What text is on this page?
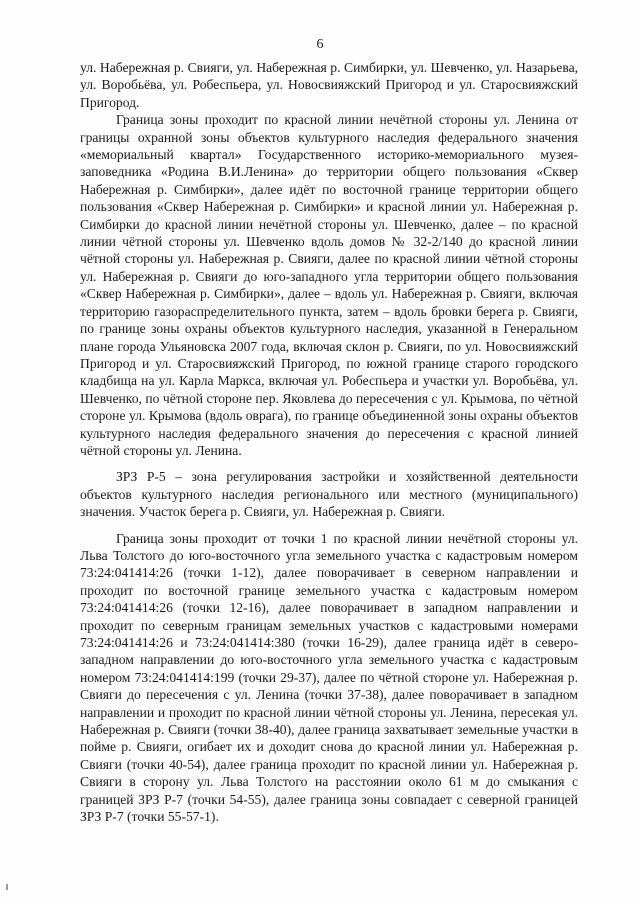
6

ул. Набережная р. Свияги, ул. Набережная р. Симбирки, ул. Шевченко, ул. Назарьева, ул. Воробьёва, ул. Робеспьера, ул. Новосвияжский Пригород и ул. Старосвияжский Пригород.

Граница зоны проходит по красной линии нечётной стороны ул. Ленина от границы охранной зоны объектов культурного наследия федерального значения «мемориальный квартал» Государственного историко-мемориального музея-заповедника «Родина В.И.Ленина» до территории общего пользования «Сквер Набережная р. Симбирки», далее идёт по восточной границе территории общего пользования «Сквер Набережная р. Симбирки» и красной линии ул. Набережная р. Симбирки до красной линии нечётной стороны ул. Шевченко, далее – по красной линии чётной стороны ул. Шевченко вдоль домов № 32-2/140 до красной линии чётной стороны ул. Набережная р. Свияги, далее по красной линии чётной стороны ул. Набережная р. Свияги до юго-западного угла территории общего пользования «Сквер Набережная р. Симбирки», далее – вдоль ул. Набережная р. Свияги, включая территорию газораспределительного пункта, затем – вдоль бровки берега р. Свияги, по границе зоны охраны объектов культурного наследия, указанной в Генеральном плане города Ульяновска 2007 года, включая склон р. Свияги, по ул. Новосвияжский Пригород и ул. Старосвияжский Пригород, по южной границе старого городского кладбища на ул. Карла Маркса, включая ул. Робеспьера и участки ул. Воробьёва, ул. Шевченко, по чётной стороне пер. Яковлева до пересечения с ул. Крымова, по чётной стороне ул. Крымова (вдоль оврага), по границе объединенной зоны охраны объектов культурного наследия федерального значения до пересечения с красной линией чётной стороны ул. Ленина.

ЗРЗ Р-5 – зона регулирования застройки и хозяйственной деятельности объектов культурного наследия регионального или местного (муниципального) значения. Участок берега р. Свияги, ул. Набережная р. Свияги.

Граница зоны проходит от точки 1 по красной линии нечётной стороны ул. Льва Толстого до юго-восточного угла земельного участка с кадастровым номером 73:24:041414:26 (точки 1-12), далее поворачивает в северном направлении и проходит по восточной границе земельного участка с кадастровым номером 73:24:041414:26 (точки 12-16), далее поворачивает в западном направлении и проходит по северным границам земельных участков с кадастровыми номерами 73:24:041414:26 и 73:24:041414:380 (точки 16-29), далее граница идёт в северо-западном направлении до юго-восточного угла земельного участка с кадастровым номером 73:24:041414:199 (точки 29-37), далее по чётной стороне ул. Набережная р. Свияги до пересечения с ул. Ленина (точки 37-38), далее поворачивает в западном направлении и проходит по красной линии чётной стороны ул. Ленина, пересекая ул. Набережная р. Свияги (точки 38-40), далее граница захватывает земельные участки в пойме р. Свияги, огибает их и доходит снова до красной линии ул. Набережная р. Свияги (точки 40-54), далее граница проходит по красной линии ул. Набережная р. Свияги в сторону ул. Льва Толстого на расстоянии около 61 м до смыкания с границей ЗРЗ Р-7 (точки 54-55), далее граница зоны совпадает с северной границей ЗРЗ Р-7 (точки 55-57-1).
